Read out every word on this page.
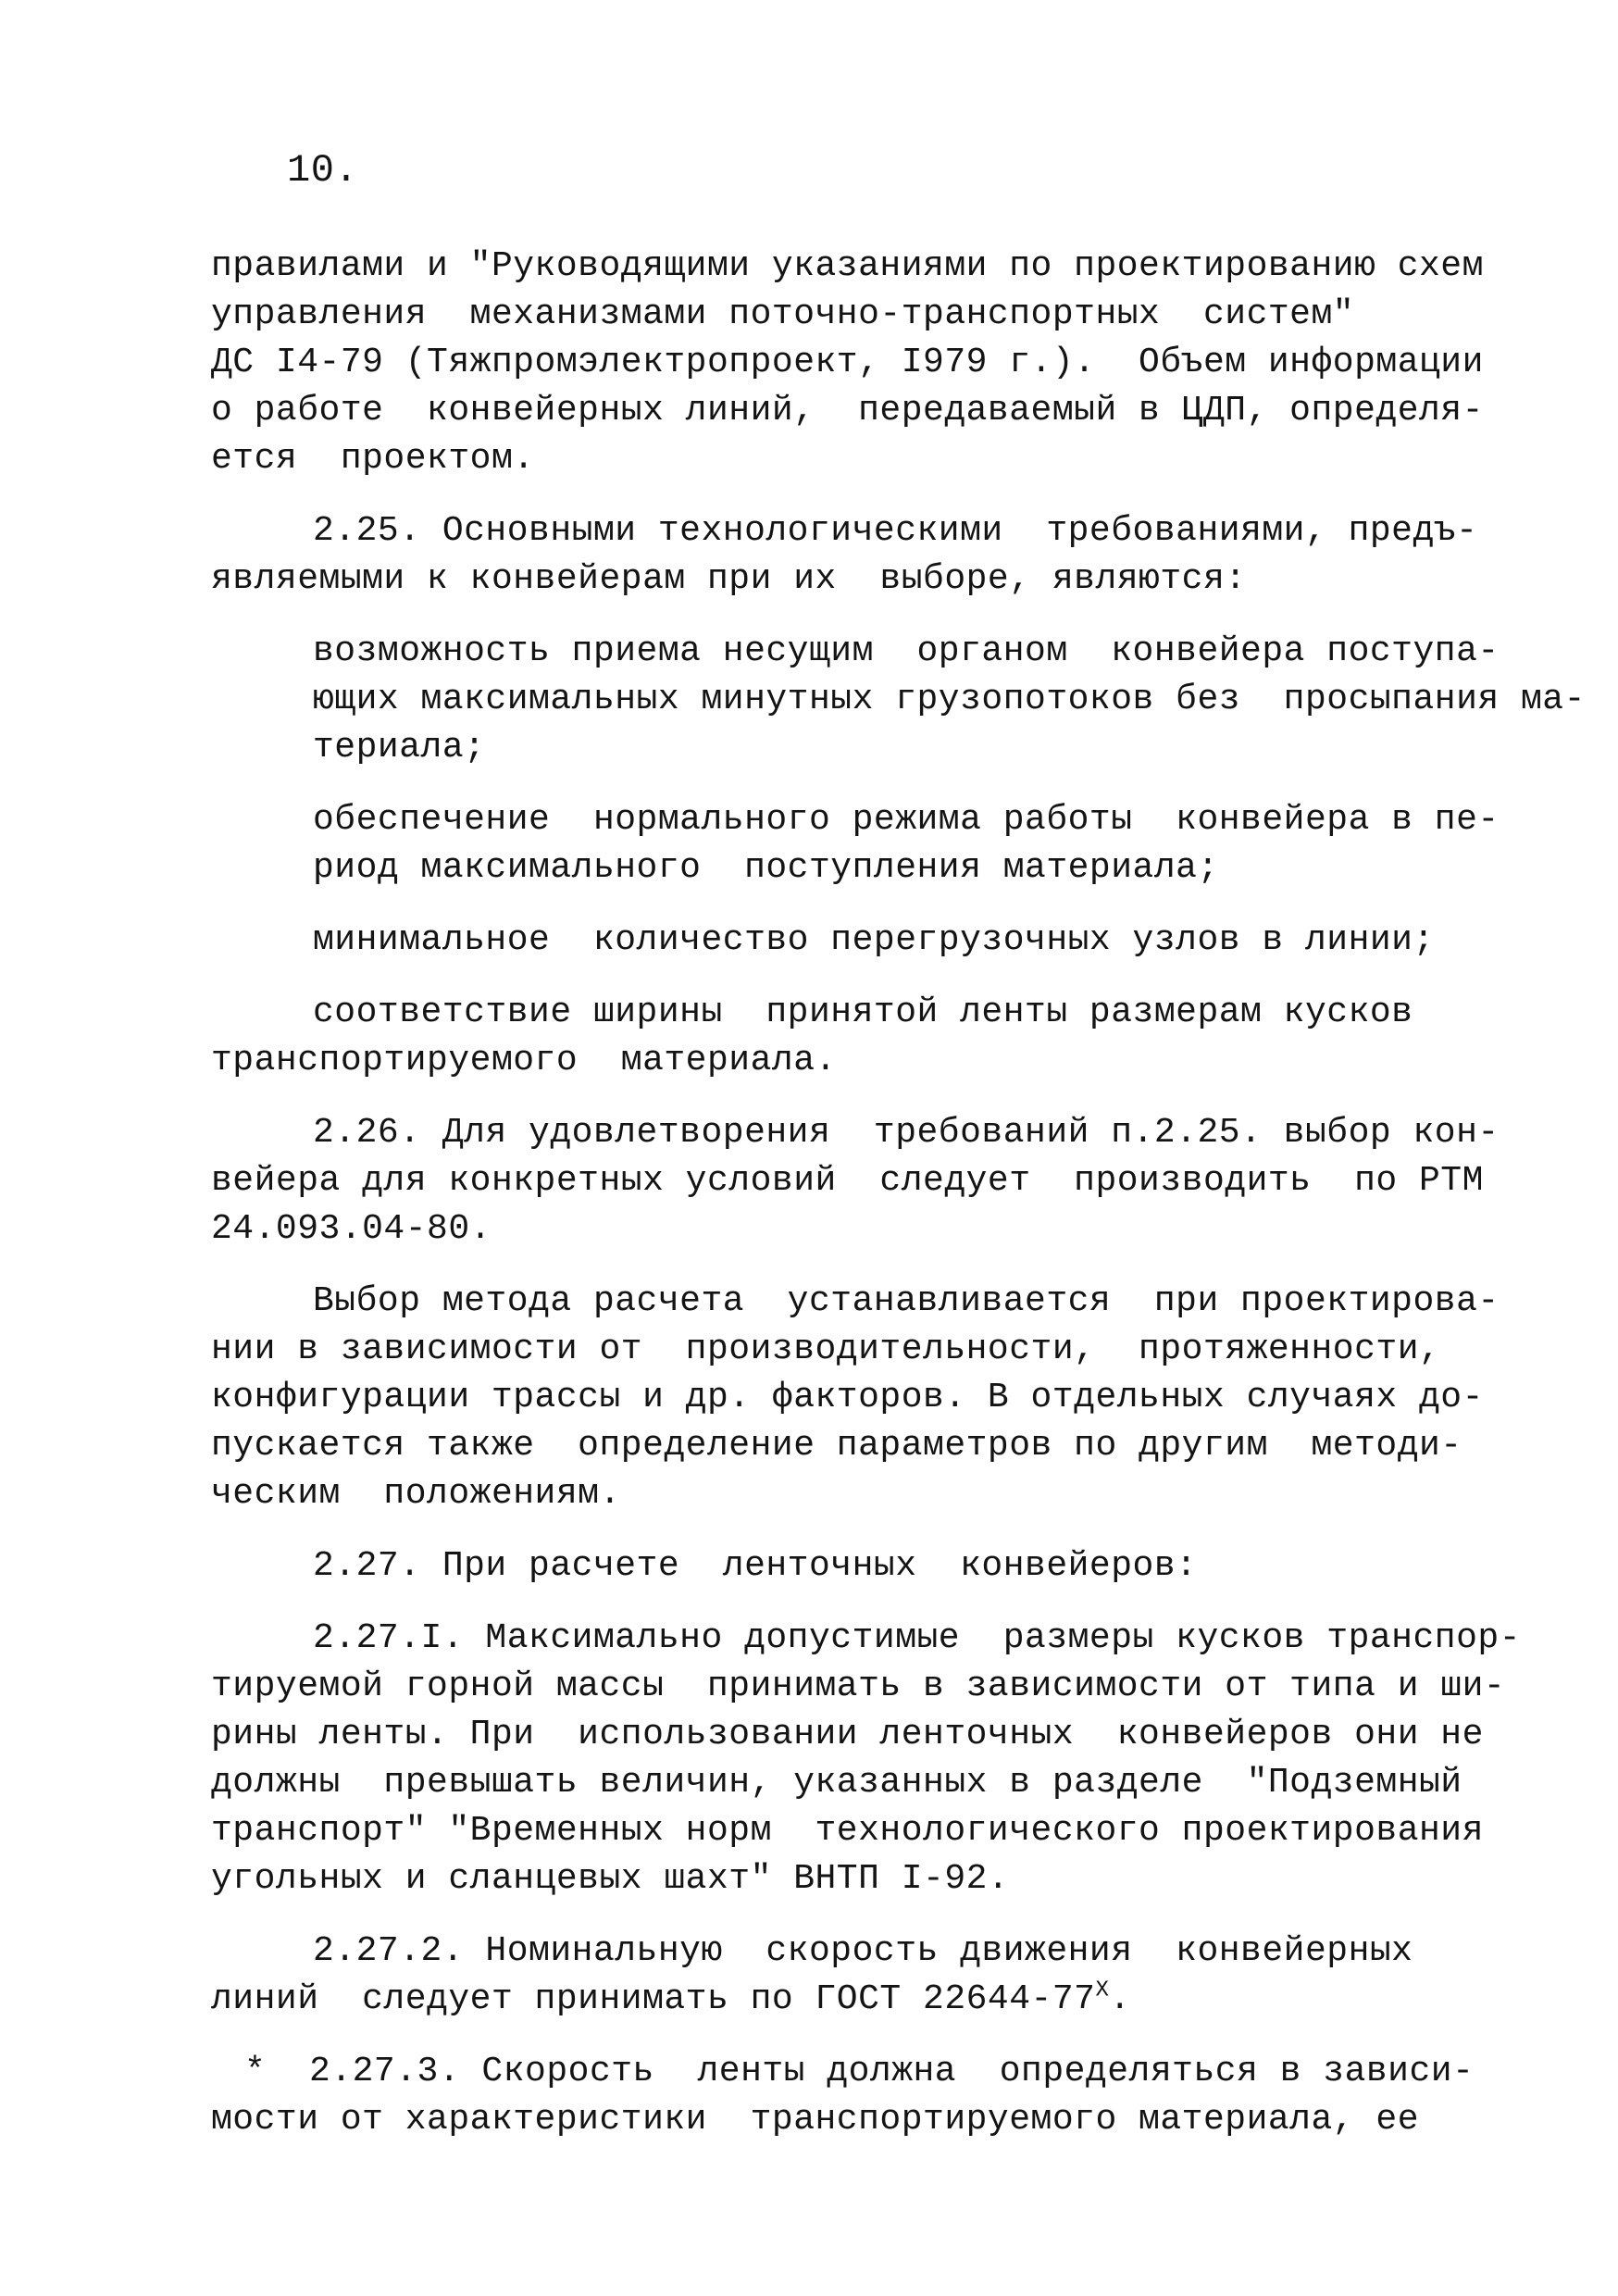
10.
правилами и "Руководящими указаниями по проектированию схем
управления  механизмами поточно-транспортных  систем"
ДС I4-79 (Тяжпромэлектропроект, I979 г.).  Объем информации
о работе  конвейерных линий,  передаваемый в ЦДП, определя-
ется  проектом.
2.25. Основными технологическими  требованиями, предъ-
являемыми к конвейерам при их  выборе, являются:
возможность приема несущим  органом  конвейера поступа-
ющих максимальных минутных грузопотоков без  просыпания ма-
териала;
обеспечение  нормального режима работы  конвейера в пе-
риод максимального  поступления материала;
минимальное  количество перегрузочных узлов в линии;
соответствие ширины  принятой ленты размерам кусков
транспортируемого  материала.
2.26. Для удовлетворения  требований п.2.25. выбор кон-
вейера для конкретных условий  следует  производить  по РТМ
24.093.04-80.
Выбор метода расчета  устанавливается  при проектирова-
нии в зависимости от  производительности,  протяженности,
конфигурации трассы и др. факторов. В отдельных случаях до-
пускается также  определение параметров по другим  методи-
ческим  положениям.
2.27. При расчете  ленточных  конвейеров:
2.27.I. Максимально допустимые  размеры кусков транспор-
тируемой горной массы  принимать в зависимости от типа и ши-
рины ленты. При  использовании ленточных  конвейеров они не
должны  превышать величин, указанных в разделе  "Подземный
транспорт" "Временных норм  технологического проектирования
угольных и сланцевых шахт" ВНТП I-92.
2.27.2. Номинальную  скорость движения  конвейерных
линий  следует принимать по ГОСТ $22644-77^Х$.
* 2.27.3. Скорость  ленты должна  определяться в зависи-
мости от характеристики  транспортируемого материала, ее
